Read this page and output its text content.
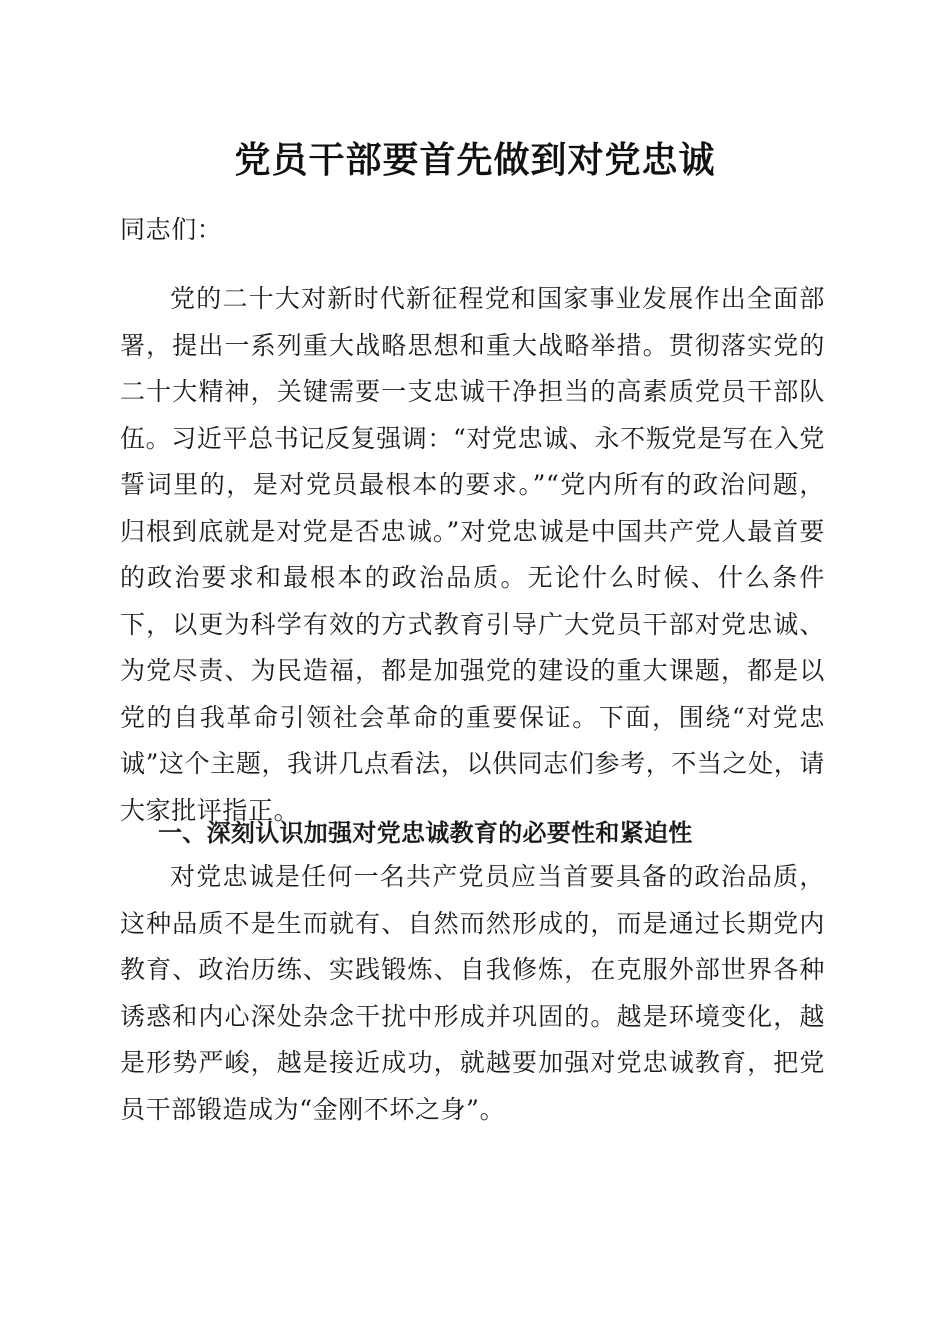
党员干部要首先做到对党忠诚
同志们：
党的二十大对新时代新征程党和国家事业发展作出全面部署，提出一系列重大战略思想和重大战略举措。贯彻落实党的二十大精神，关键需要一支忠诚干净担当的高素质党员干部队伍。习近平总书记反复强调：“对党忠诚、永不叛党是写在入党誓词里的，是对党员最根本的要求。”“党内所有的政治问题，归根到底就是对党是否忠诚。”对党忠诚是中国共产党人最首要的政治要求和最根本的政治品质。无论什么时候、什么条件下，以更为科学有效的方式教育引导广大党员干部对党忠诚、为党尽责、为民造福，都是加强党的建设的重大课题，都是以党的自我革命引领社会革命的重要保证。下面，围绕“对党忠诚”这个主题，我讲几点看法，以供同志们参考，不当之处，请大家批评指正。
一、深刻认识加强对党忠诚教育的必要性和紧迫性
对党忠诚是任何一名共产党员应当首要具备的政治品质，这种品质不是生而就有、自然而然形成的，而是通过长期党内教育、政治历练、实践锻炼、自我修炼，在克服外部世界各种诱惑和内心深处杂念干扰中形成并巩固的。越是环境变化，越是形势严峻，越是接近成功，就越要加强对党忠诚教育，把党员干部锻造成为“金刚不坏之身”。
